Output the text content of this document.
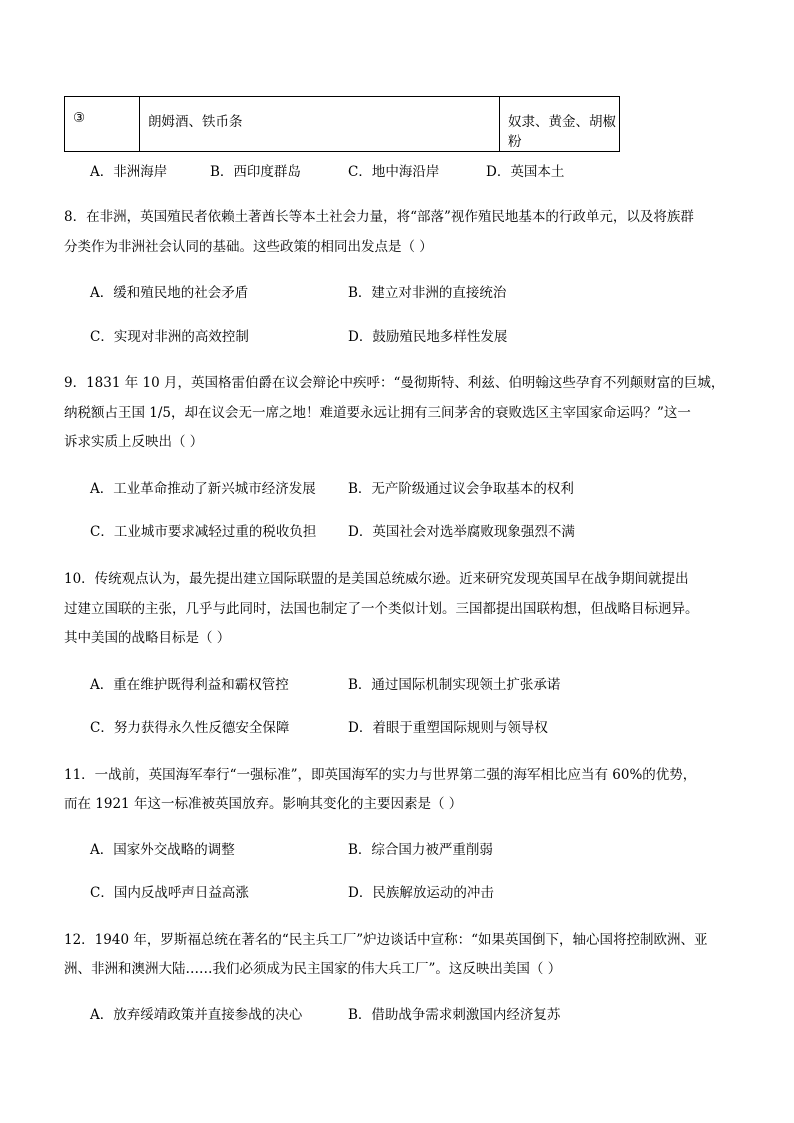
③	朗姆酒、铁币条	奴隶、黄金、胡椒粉
A．非洲海岸	B．西印度群岛	C．地中海沿岸	D．英国本土
8．在非洲，英国殖民者依赖土著酋长等本土社会力量，将“部落”视作殖民地基本的行政单元，以及将族群
分类作为非洲社会认同的基础。这些政策的相同出发点是（ ）
A．缓和殖民地的社会矛盾	B．建立对非洲的直接统治
C．实现对非洲的高效控制	D．鼓励殖民地多样性发展
9．1831 年 10 月，英国格雷伯爵在议会辩论中疾呼：“曼彻斯特、利兹、伯明翰这些孕育不列颠财富的巨城，
纳税额占王国 1/5，却在议会无一席之地！难道要永远让拥有三间茅舍的衰败选区主宰国家命运吗？”这一
诉求实质上反映出（ ）
A．工业革命推动了新兴城市经济发展 B．无产阶级通过议会争取基本的权利
C．工业城市要求减轻过重的税收负担 D．英国社会对选举腐败现象强烈不满
10．传统观点认为，最先提出建立国际联盟的是美国总统威尔逊。近来研究发现英国早在战争期间就提出
过建立国联的主张，几乎与此同时，法国也制定了一个类似计划。三国都提出国联构想，但战略目标迥异。
其中美国的战略目标是（ ）
A．重在维护既得利益和霸权管控	B．通过国际机制实现领土扩张承诺
C．努力获得永久性反德安全保障	D．着眼于重塑国际规则与领导权
11．一战前，英国海军奉行“一强标准”，即英国海军的实力与世界第二强的海军相比应当有 60%的优势，
而在 1921 年这一标准被英国放弃。影响其变化的主要因素是（ ）
A．国家外交战略的调整	B．综合国力被严重削弱
C．国内反战呼声日益高涨	D．民族解放运动的冲击
12．1940 年，罗斯福总统在著名的“民主兵工厂”炉边谈话中宣称：“如果英国倒下，轴心国将控制欧洲、亚
洲、非洲和澳洲大陆……我们必须成为民主国家的伟大兵工厂”。这反映出美国（ ）
A．放弃绥靖政策并直接参战的决心	B．借助战争需求刺激国内经济复苏
